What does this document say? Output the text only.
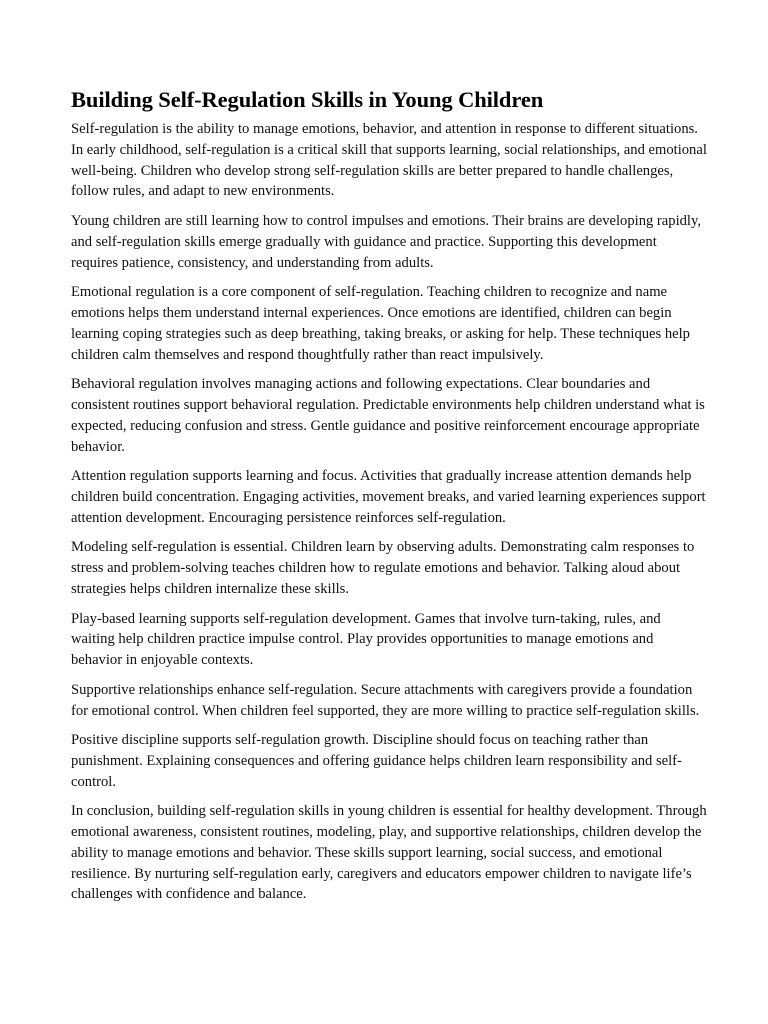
Building Self-Regulation Skills in Young Children

Self-regulation is the ability to manage emotions, behavior, and attention in response to different situations. In early childhood, self-regulation is a critical skill that supports learning, social relationships, and emotional well-being. Children who develop strong self-regulation skills are better prepared to handle challenges, follow rules, and adapt to new environments.

Young children are still learning how to control impulses and emotions. Their brains are developing rapidly, and self-regulation skills emerge gradually with guidance and practice. Supporting this development requires patience, consistency, and understanding from adults.

Emotional regulation is a core component of self-regulation. Teaching children to recognize and name emotions helps them understand internal experiences. Once emotions are identified, children can begin learning coping strategies such as deep breathing, taking breaks, or asking for help. These techniques help children calm themselves and respond thoughtfully rather than react impulsively.

Behavioral regulation involves managing actions and following expectations. Clear boundaries and consistent routines support behavioral regulation. Predictable environments help children understand what is expected, reducing confusion and stress. Gentle guidance and positive reinforcement encourage appropriate behavior.

Attention regulation supports learning and focus. Activities that gradually increase attention demands help children build concentration. Engaging activities, movement breaks, and varied learning experiences support attention development. Encouraging persistence reinforces self-regulation.

Modeling self-regulation is essential. Children learn by observing adults. Demonstrating calm responses to stress and problem-solving teaches children how to regulate emotions and behavior. Talking aloud about strategies helps children internalize these skills.

Play-based learning supports self-regulation development. Games that involve turn-taking, rules, and waiting help children practice impulse control. Play provides opportunities to manage emotions and behavior in enjoyable contexts.

Supportive relationships enhance self-regulation. Secure attachments with caregivers provide a foundation for emotional control. When children feel supported, they are more willing to practice self-regulation skills.

Positive discipline supports self-regulation growth. Discipline should focus on teaching rather than punishment. Explaining consequences and offering guidance helps children learn responsibility and self-control.

In conclusion, building self-regulation skills in young children is essential for healthy development. Through emotional awareness, consistent routines, modeling, play, and supportive relationships, children develop the ability to manage emotions and behavior. These skills support learning, social success, and emotional resilience. By nurturing self-regulation early, caregivers and educators empower children to navigate life’s challenges with confidence and balance.
